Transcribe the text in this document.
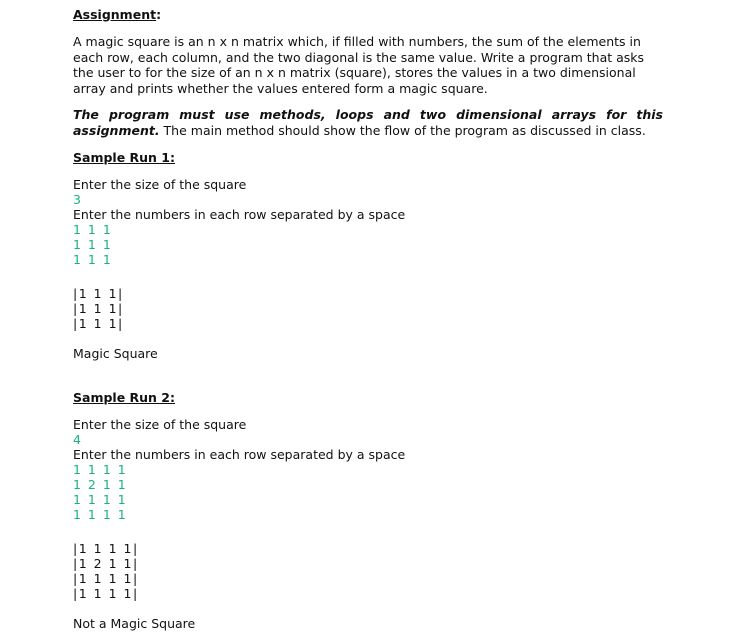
Assignment:

A magic square is an n x n matrix which, if filled with numbers, the sum of the elements in each row, each column, and the two diagonal is the same value. Write a program that asks the user to for the size of an n x n matrix (square), stores the values in a two dimensional array and prints whether the values entered form a magic square.

The program must use methods, loops and two dimensional arrays for this assignment. The main method should show the flow of the program as discussed in class.

Sample Run 1:

Enter the size of the square

3

Enter the numbers in each row separated by a space

1 1 1

1 1 1

1 1 1

|1 1 1|

|1 1 1|

|1 1 1|

Magic Square

Sample Run 2:

Enter the size of the square

4

Enter the numbers in each row separated by a space

1 1 1 1

1 2 1 1

1 1 1 1

1 1 1 1

|1 1 1 1|

|1 2 1 1|

|1 1 1 1|

|1 1 1 1|

Not a Magic Square
